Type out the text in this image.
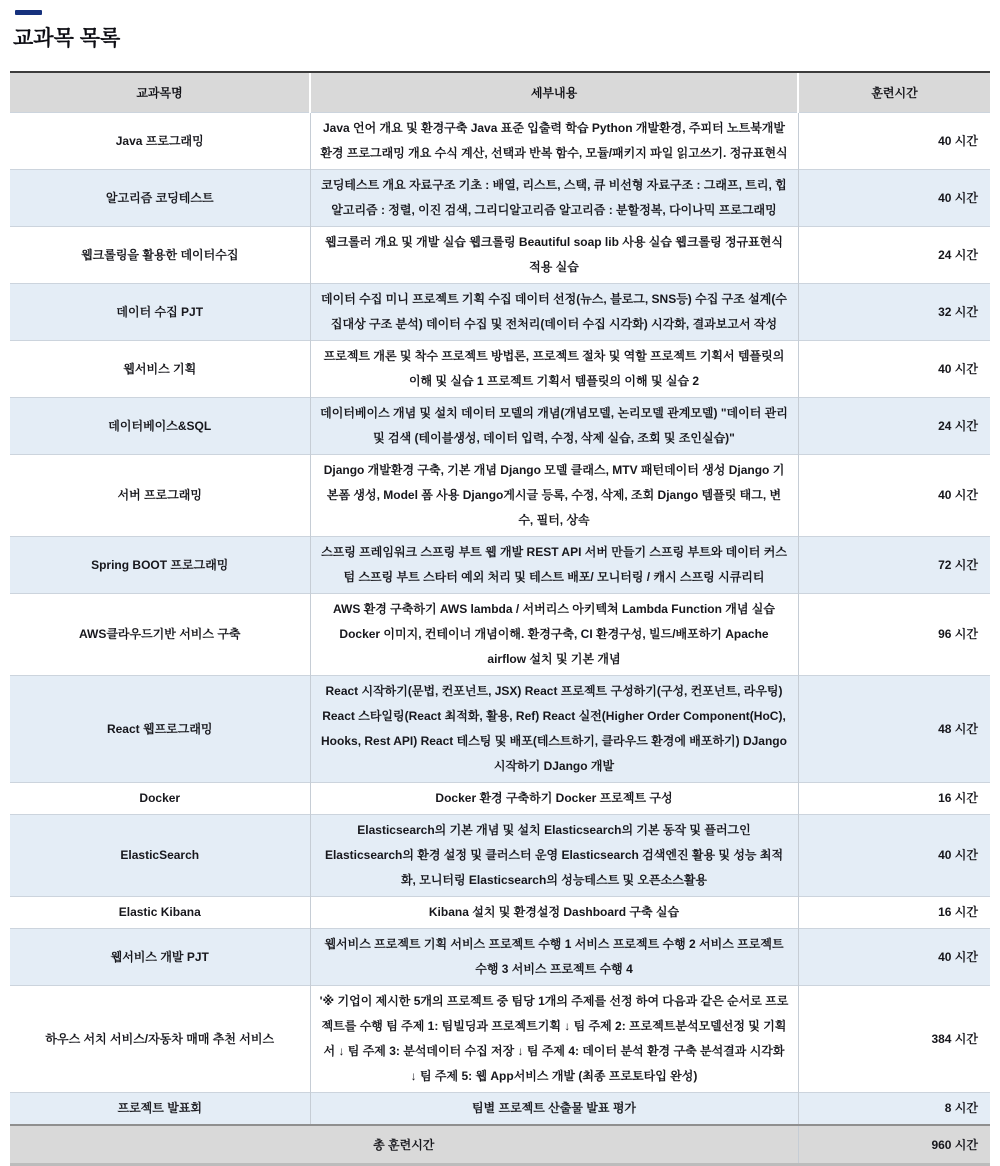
교과목 목록
교과목명	세부내용	훈련시간
Java 프로그래밍	Java 언어 개요 및 환경구축 Java 표준 입출력 학습 Python 개발환경, 주피터 노트북개발환경 프로그래밍 개요 수식 계산, 선택과 반복 함수, 모듈/패키지 파일 읽고쓰기. 정규표현식	40 시간
알고리즘 코딩테스트	코딩테스트 개요 자료구조 기초 : 배열, 리스트, 스택, 큐 비선형 자료구조 : 그래프, 트리, 힙 알고리즘 : 정렬, 이진 검색, 그리디알고리즘 알고리즘 : 분할정복, 다이나믹 프로그래밍	40 시간
웹크롤링을 활용한 데이터수집	웹크롤러 개요 및 개발 실습 웹크롤링 Beautiful soap lib 사용 실습 웹크롤링 정규표현식 적용 실습	24 시간
데이터 수집 PJT	데이터 수집 미니 프로젝트 기획 수집 데이터 선정(뉴스, 블로그, SNS등) 수집 구조 설계(수집대상 구조 분석) 데이터 수집 및 전처리(데이터 수집 시각화) 시각화, 결과보고서 작성	32 시간
웹서비스 기획	프로젝트 개론 및 착수 프로젝트 방법론, 프로젝트 절차 및 역할 프로젝트 기획서 템플릿의 이해 및 실습 1 프로젝트 기획서 템플릿의 이해 및 실습 2	40 시간
데이터베이스&SQL	데이터베이스 개념 및 설치 데이터 모델의 개념(개념모델, 논리모델 관계모델) "데이터 관리 및 검색 (테이블생성, 데이터 입력, 수정, 삭제 실습, 조회 및 조인실습)"	24 시간
서버 프로그래밍	Django 개발환경 구축, 기본 개념 Django 모델 클래스, MTV 패턴데이터 생성 Django 기본폼 생성, Model 폼 사용 Django게시글 등록, 수정, 삭제, 조회 Django 템플릿 태그, 변수, 필터, 상속	40 시간
Spring BOOT 프로그래밍	스프링 프레임워크 스프링 부트 웹 개발 REST API 서버 만들기 스프링 부트와 데이터 커스텀 스프링 부트 스타터 예외 처리 및 테스트 배포/ 모니터링 / 캐시 스프링 시큐리티	72 시간
AWS클라우드기반 서비스 구축	AWS 환경 구축하기 AWS lambda / 서버리스 아키텍쳐 Lambda Function 개념 실습 Docker 이미지, 컨테이너 개념이해. 환경구축, CI 환경구성, 빌드/배포하기 Apache airflow 설치 및 기본 개념	96 시간
React 웹프로그래밍	React 시작하기(문법, 컨포넌트, JSX) React 프로젝트 구성하기(구성, 컨포넌트, 라우팅) React 스타일링(React 최적화, 활용, Ref) React 실전(Higher Order Component(HoC), Hooks, Rest API) React 테스팅 및 배포(테스트하기, 클라우드 환경에 배포하기) DJango 시작하기 DJango 개발	48 시간
Docker	Docker 환경 구축하기 Docker 프로젝트 구성	16 시간
ElasticSearch	Elasticsearch의 기본 개념 및 설치 Elasticsearch의 기본 동작 및 플러그인 Elasticsearch의 환경 설정 및 클러스터 운영 Elasticsearch 검색엔진 활용 및 성능 최적화, 모니터링 Elasticsearch의 성능테스트 및 오픈소스활용	40 시간
Elastic Kibana	Kibana 설치 및 환경설정 Dashboard 구축 실습	16 시간
웹서비스 개발 PJT	웹서비스 프로젝트 기획 서비스 프로젝트 수행 1 서비스 프로젝트 수행 2 서비스 프로젝트 수행 3 서비스 프로젝트 수행 4	40 시간
하우스 서치 서비스/자동차 매매 추천 서비스	'※ 기업이 제시한 5개의 프로젝트 중 팀당 1개의 주제를 선정 하여 다음과 같은 순서로 프로젝트를 수행 팀 주제 1: 팀빌딩과 프로젝트기획 ↓ 팀 주제 2: 프로젝트분석모델선정 및 기획서 ↓ 팀 주제 3: 분석데이터 수집 저장 ↓ 팀 주제 4: 데이터 분석 환경 구축 분석결과 시각화 ↓ 팀 주제 5: 웹 App서비스 개발 (최종 프로토타입 완성)	384 시간
프로젝트 발표회	팀별 프로젝트 산출물 발표 평가	8 시간
총 훈련시간		960 시간
